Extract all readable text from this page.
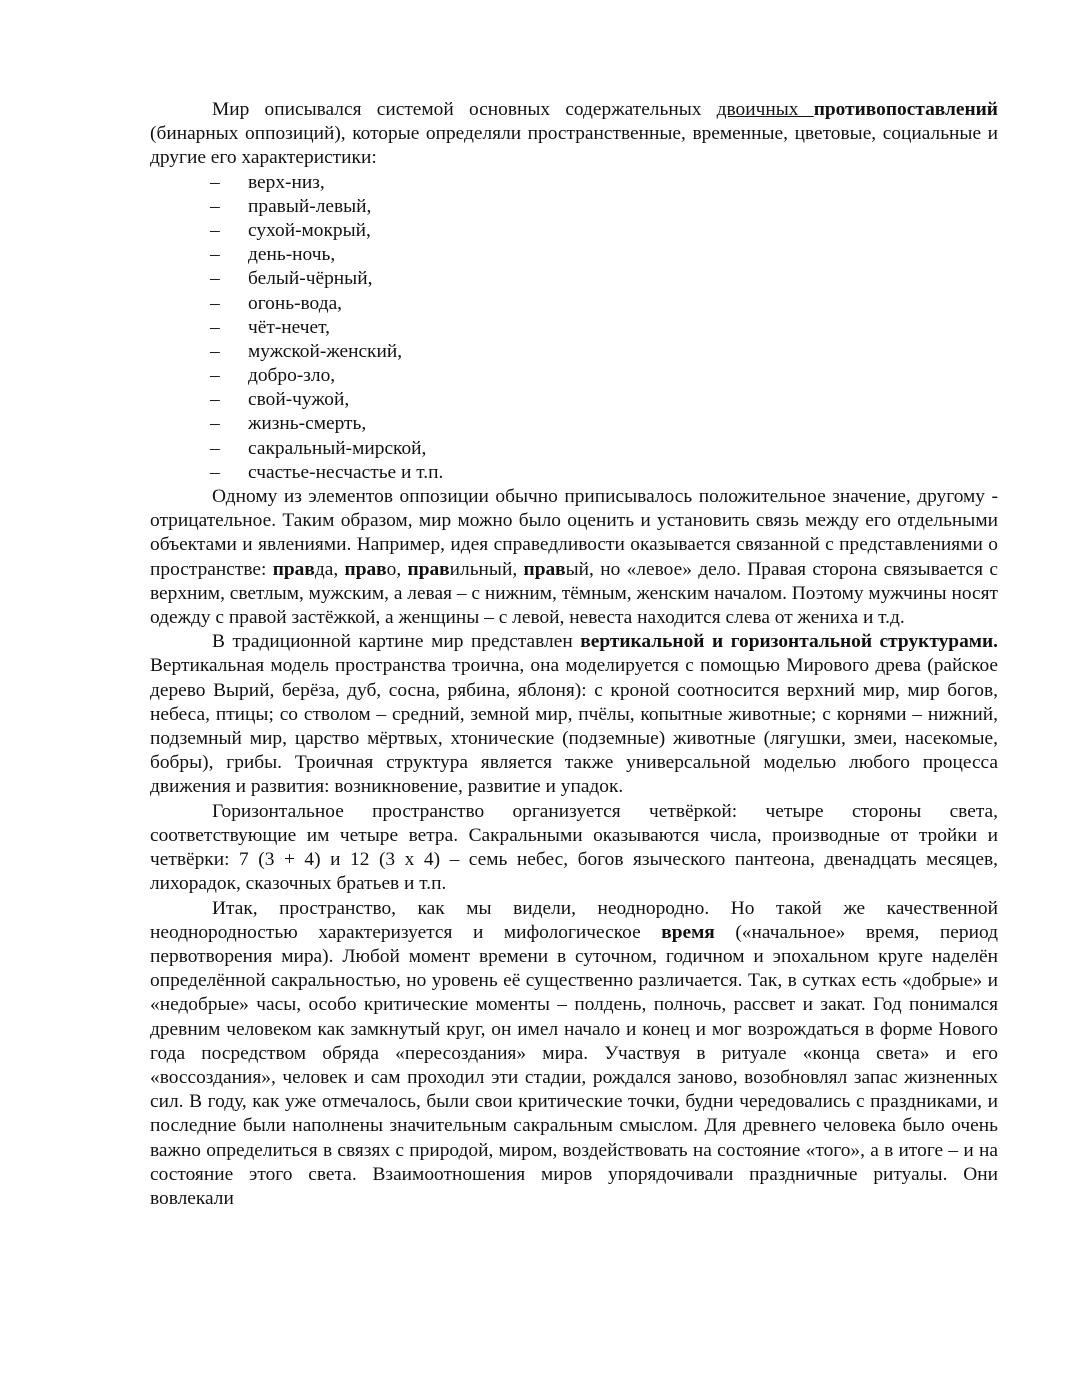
Мир описывался системой основных содержательных двоичных противопоставлений (бинарных оппозиций), которые определяли пространственные, временные, цветовые, социальные и другие его характеристики:

– верх-низ,
– правый-левый,
– сухой-мокрый,
– день-ночь,
– белый-чёрный,
– огонь-вода,
– чёт-нечет,
– мужской-женский,
– добро-зло,
– свой-чужой,
– жизнь-смерть,
– сакральный-мирской,
– счастье-несчастье и т.п.

Одному из элементов оппозиции обычно приписывалось положительное значение, другому - отрицательное. Таким образом, мир можно было оценить и установить связь между его отдельными объектами и явлениями. Например, идея справедливости оказывается связанной с представлениями о пространстве: правда, право, правильный, правый, но «левое» дело. Правая сторона связывается с верхним, светлым, мужским, а левая – с нижним, тёмным, женским началом. Поэтому мужчины носят одежду с правой застёжкой, а женщины – с левой, невеста находится слева от жениха и т.д.

В традиционной картине мир представлен вертикальной и горизонтальной структурами. Вертикальная модель пространства троична, она моделируется с помощью Мирового древа (райское дерево Вырий, берёза, дуб, сосна, рябина, яблоня): с кроной соотносится верхний мир, мир богов, небеса, птицы; со стволом – средний, земной мир, пчёлы, копытные животные; с корнями – нижний, подземный мир, царство мёртвых, хтонические (подземные) животные (лягушки, змеи, насекомые, бобры), грибы. Троичная структура является также универсальной моделью любого процесса движения и развития: возникновение, развитие и упадок.

Горизонтальное пространство организуется четвёркой: четыре стороны света, соответствующие им четыре ветра. Сакральными оказываются числа, производные от тройки и четвёрки: 7 (3 + 4) и 12 (3 х 4) – семь небес, богов языческого пантеона, двенадцать месяцев, лихорадок, сказочных братьев и т.п.

Итак, пространство, как мы видели, неоднородно. Но такой же качественной неоднородностью характеризуется и мифологическое время («начальное» время, период первотворения мира). Любой момент времени в суточном, годичном и эпохальном круге наделён определённой сакральностью, но уровень её существенно различается. Так, в сутках есть «добрые» и «недобрые» часы, особо критические моменты – полдень, полночь, рассвет и закат. Год понимался древним человеком как замкнутый круг, он имел начало и конец и мог возрождаться в форме Нового года посредством обряда «пересоздания» мира. Участвуя в ритуале «конца света» и его «воссоздания», человек и сам проходил эти стадии, рождался заново, возобновлял запас жизненных сил. В году, как уже отмечалось, были свои критические точки, будни чередовались с праздниками, и последние были наполнены значительным сакральным смыслом. Для древнего человека было очень важно определиться в связях с природой, миром, воздействовать на состояние «того», а в итоге – и на состояние этого света. Взаимоотношения миров упорядочивали праздничные ритуалы. Они вовлекали
